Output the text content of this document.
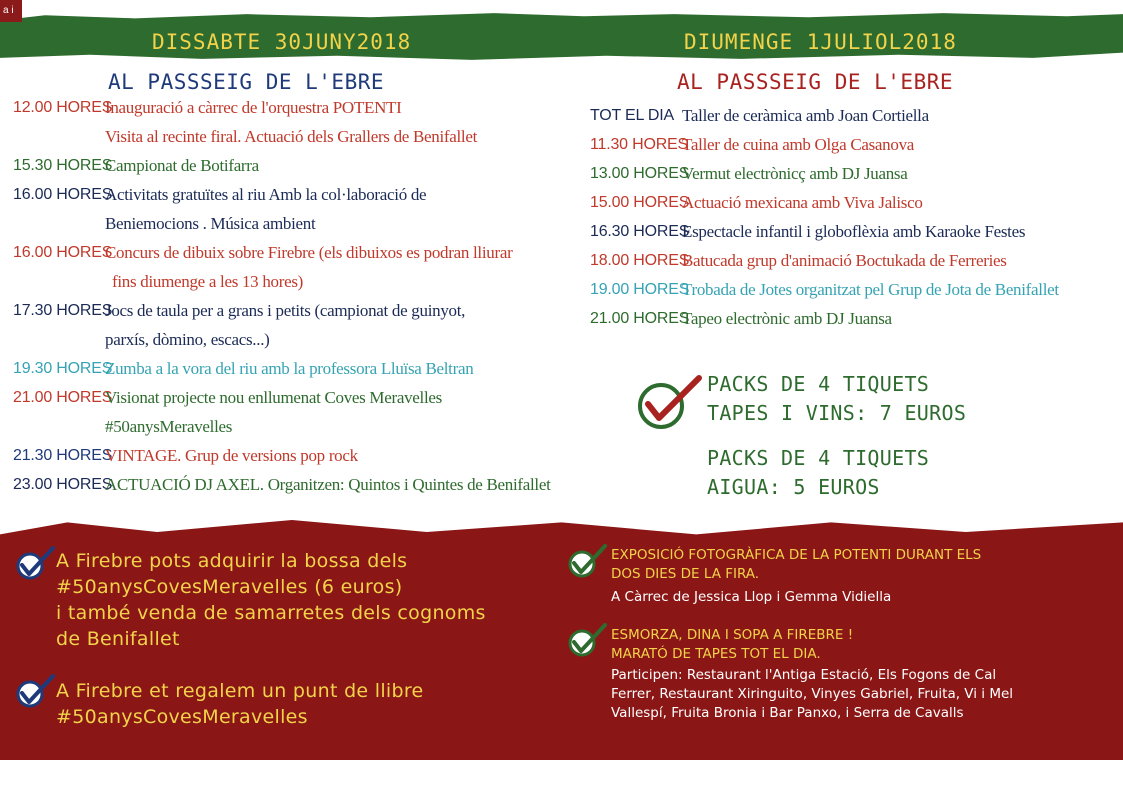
a i
DISSABTE 30JUNY2018	DIUMENGE 1JULIOL2018
AL PASSSEIG DE L'EBRE	AL PASSSEIG DE L'EBRE
12.00 HORES
Inauguració a càrrec de l'orquestra POTENTI
Visita al recinte firal. Actuació dels Grallers de Benifallet
15.30 HORES
Campionat de Botifarra
16.00 HORES
Activitats gratuïtes al riu Amb la col·laboració de
Beniemocions . Música ambient
16.00 HORES
Concurs de dibuix sobre Firebre (els dibuixos es podran lliurar
fins diumenge a les 13 hores)
17.30 HORES
Jocs de taula per a grans i petits (campionat de guinyot,
parxís, dòmino, escacs...)
19.30 HORES
Zumba a la vora del riu amb la professora Lluïsa Beltran
21.00 HORES
Visionat projecte nou enllumenat Coves Meravelles
#50anysMeravelles
21.30 HORES
VINTAGE. Grup de versions pop rock
23.00 HORES
ACTUACIÓ DJ AXEL. Organitzen: Quintos i Quintes de Benifallet
TOT EL DIA Taller de ceràmica amb Joan Cortiella
11.30 HORES
Taller de cuina amb Olga Casanova
13.00 HORES
Vermut electrònicç amb DJ Juansa
15.00 HORES
Actuació mexicana amb Viva Jalisco
16.30 HORES
Espectacle infantil i globoflèxia amb Karaoke Festes
18.00 HORES
Batucada grup d'animació Boctukada de Ferreries
19.00 HORES
Trobada de Jotes organitzat pel Grup de Jota de Benifallet
21.00 HORES
Tapeo electrònic amb DJ Juansa
PACKS DE 4 TIQUETS
TAPES I VINS: 7 EUROS
PACKS DE 4 TIQUETS
AIGUA: 5 EUROS
A Firebre pots adquirir la bossa dels
#50anysCovesMeravelles (6 euros)
i també venda de samarretes dels cognoms
de Benifallet
A Firebre et regalem un punt de llibre
#50anysCovesMeravelles
EXPOSICIÓ FOTOGRÀFICA DE LA POTENTI DURANT ELS
DOS DIES DE LA FIRA.
A Càrrec de Jessica Llop i Gemma Vidiella
ESMORZA, DINA I SOPA A FIREBRE !
MARATÓ DE TAPES TOT EL DIA.
Participen: Restaurant l'Antiga Estació, Els Fogons de Cal
Ferrer, Restaurant Xiringuito, Vinyes Gabriel, Fruita, Vi i Mel
Vallespí, Fruita Bronia i Bar Panxo, i Serra de Cavalls
